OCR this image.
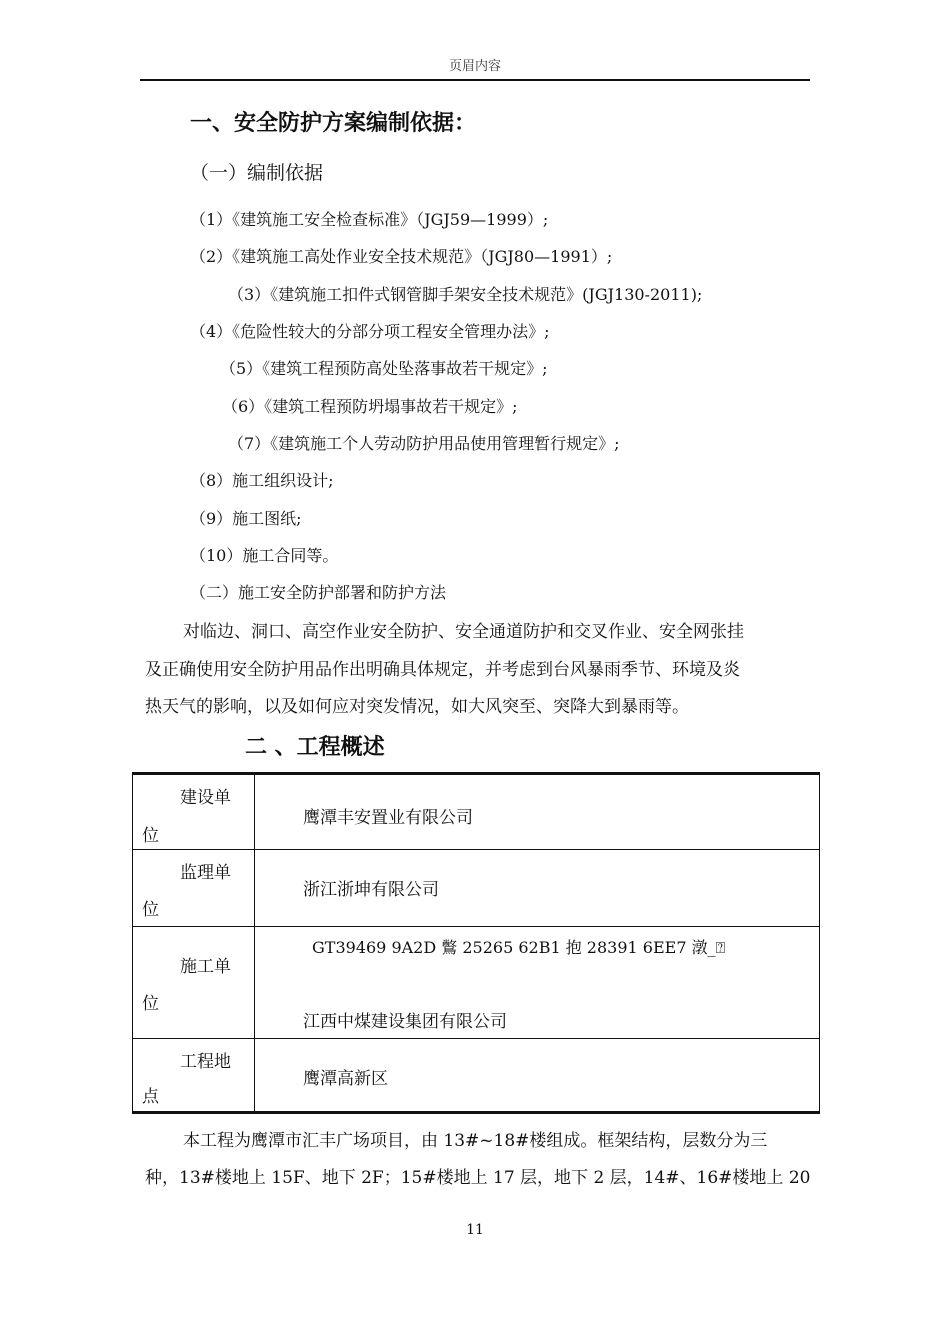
页眉内容
一、安全防护方案编制依据：
（一）编制依据
（1）《建筑施工安全检查标准》（JGJ59—1999）;
（2）《建筑施工高处作业安全技术规范》（JGJ80—1991）;
（3）《建筑施工扣件式钢管脚手架安全技术规范》(JGJ130-2011);
（4）《危险性较大的分部分项工程安全管理办法》;
（5）《建筑工程预防高处坠落事故若干规定》;
（6）《建筑工程预防坍塌事故若干规定》;
（7）《建筑施工个人劳动防护用品使用管理暂行规定》;
（8）施工组织设计;
（9）施工图纸;
（10）施工合同等。
（二）施工安全防护部署和防护方法
对临边、洞口、高空作业安全防护、安全通道防护和交叉作业、安全网张挂
及正确使用安全防护用品作出明确具体规定，并考虑到台风暴雨季节、环境及炎
热天气的影响，以及如何应对突发情况，如大风突至、突降大到暴雨等。
二 、工程概述
建设单
位	鹰潭丰安置业有限公司

监理单
位	浙江浙坤有限公司

施工单
位	GT39469 9A2D 鷩 25265 62B1 抱 28391 6EE7 潡_⍰
江西中煤建设集团有限公司

工程地
点	鹰潭高新区
本工程为鹰潭市汇丰广场项目，由 13#~18#楼组成。框架结构，层数分为三
种，13#楼地上 15F、地下 2F；15#楼地上 17 层，地下 2 层，14#、16#楼地上 20
11
